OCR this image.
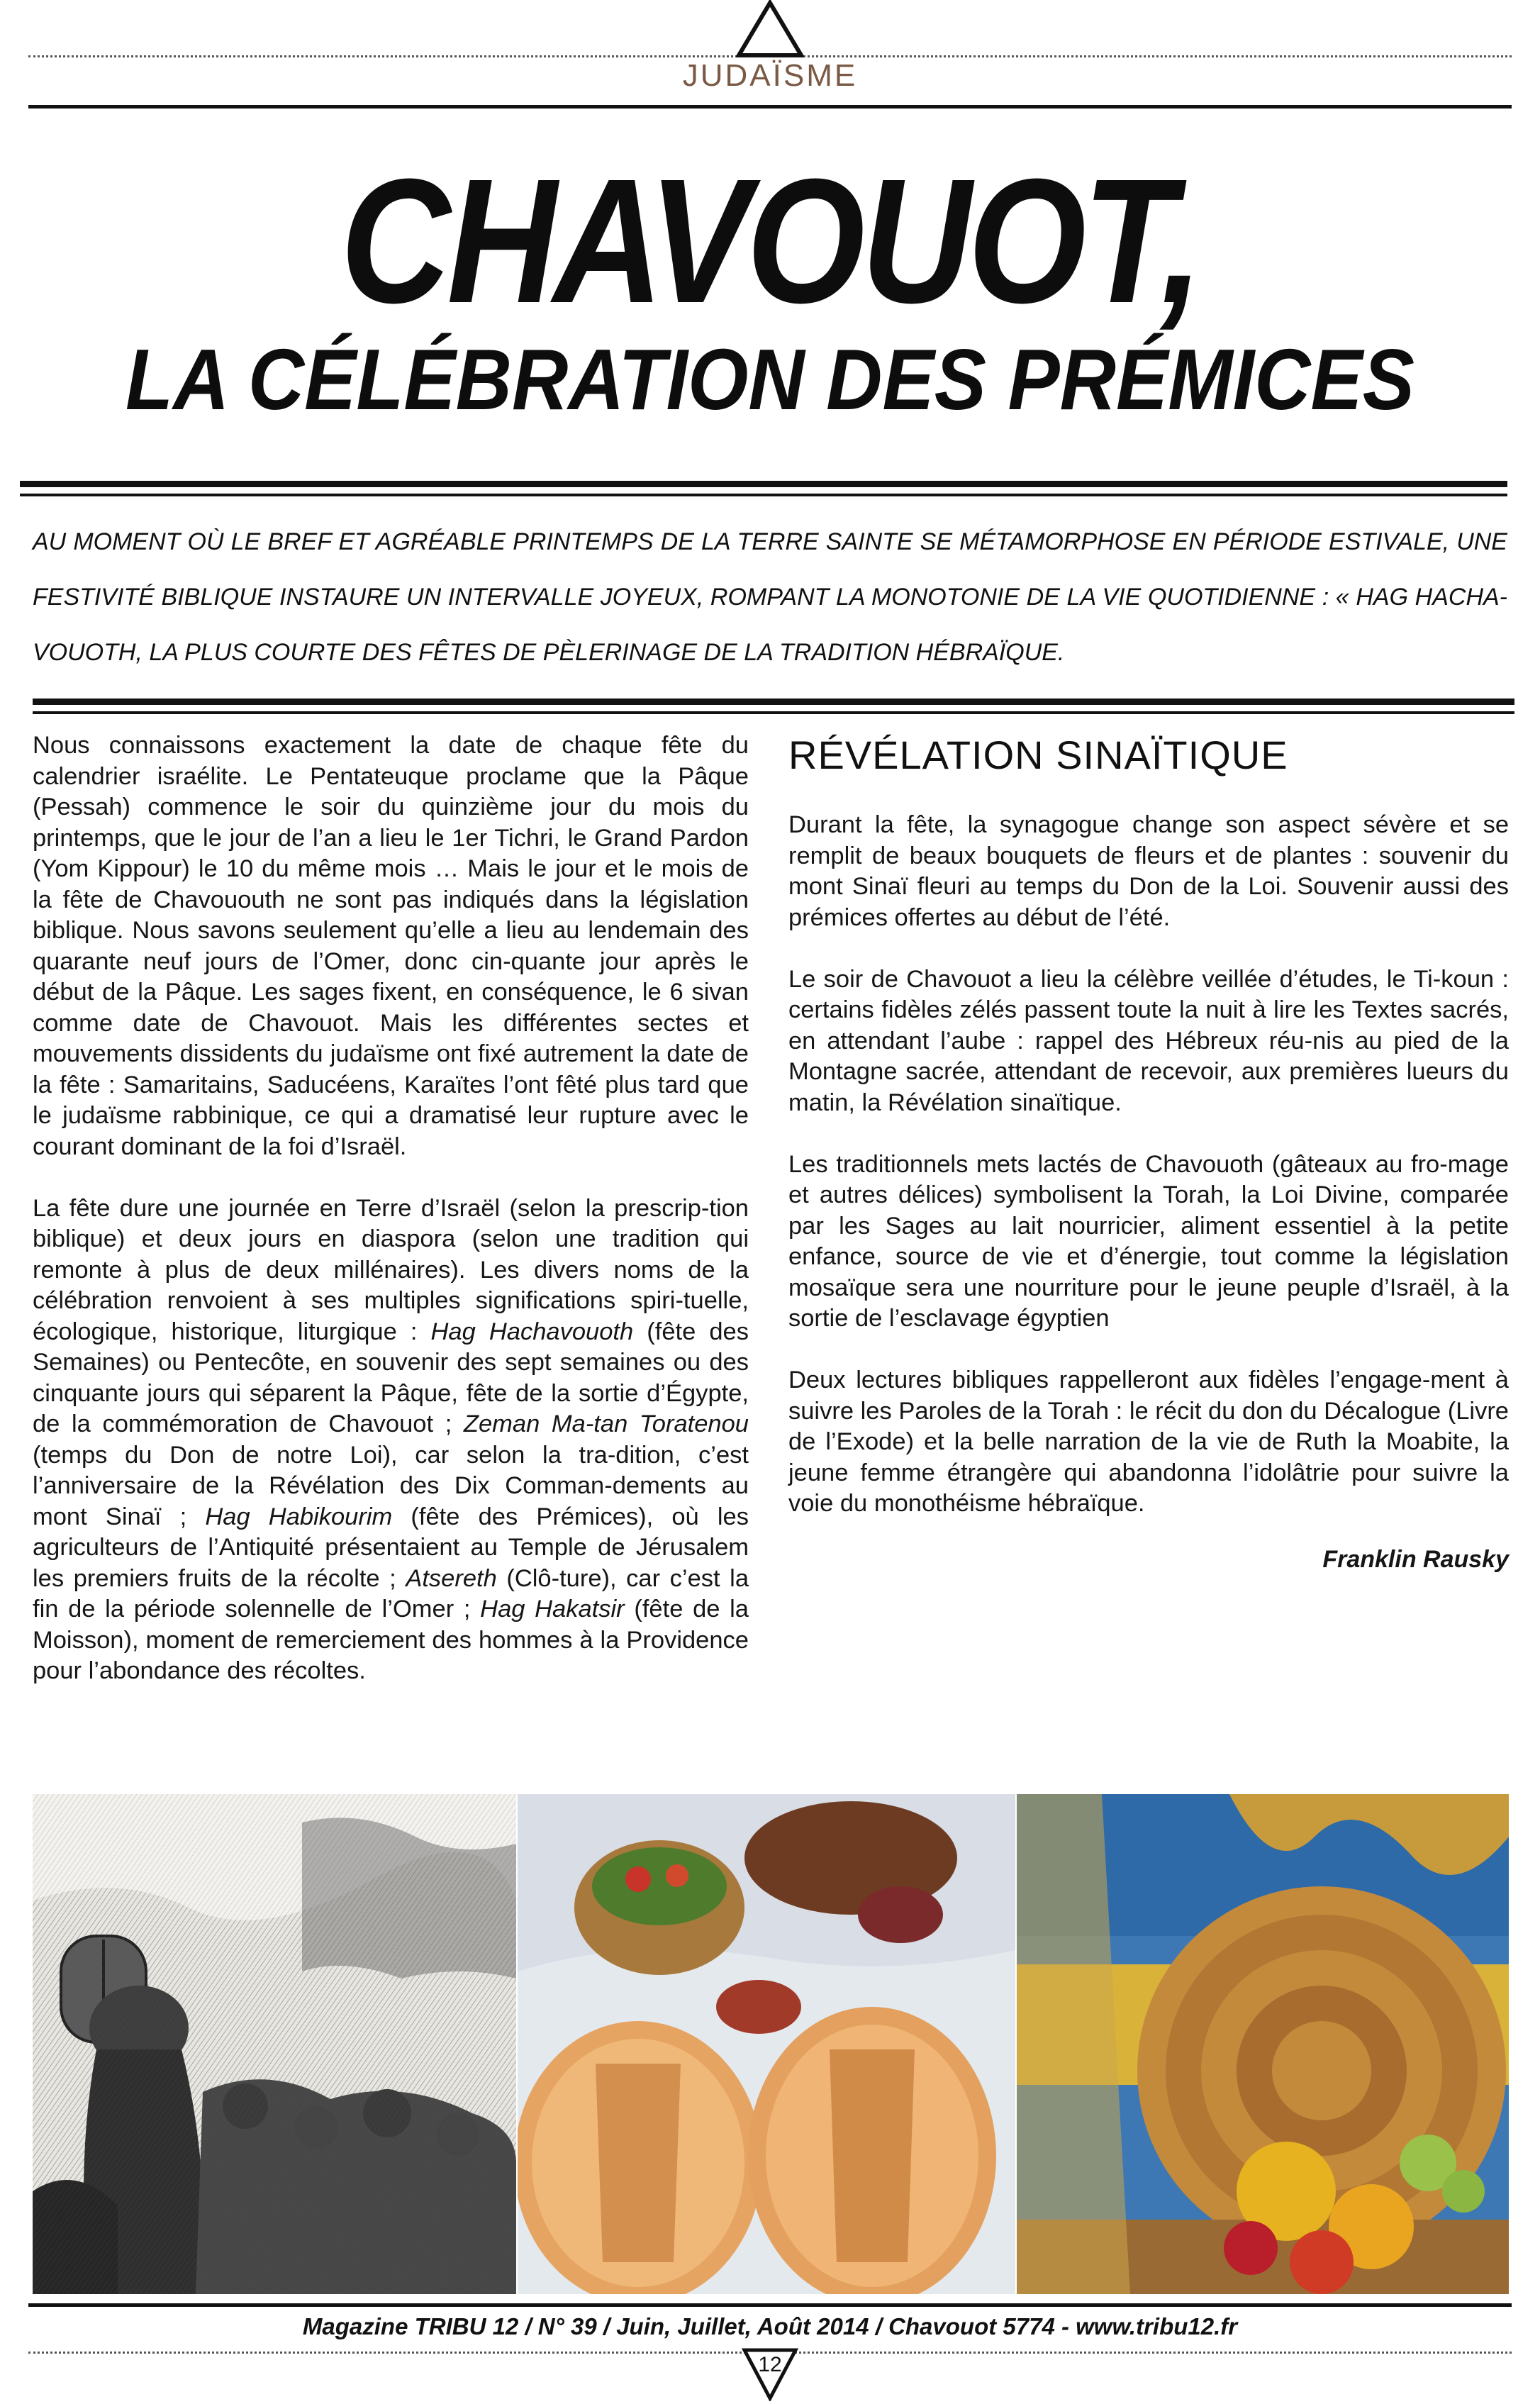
JUDAÏSME
CHAVOUOT,
LA CÉLÉBRATION DES PRÉMICES
AU MOMENT OÙ LE BREF ET AGRÉABLE PRINTEMPS DE LA TERRE SAINTE SE MÉTAMORPHOSE EN PÉRIODE ESTIVALE, UNE FESTIVITÉ BIBLIQUE INSTAURE UN INTERVALLE JOYEUX, ROMPANT LA MONOTONIE DE LA VIE QUOTIDIENNE : « HAG HACHA-VOUOTH, LA PLUS COURTE DES FÊTES DE PÈLERINAGE DE LA TRADITION HÉBRAÏQUE.

Nous connaissons exactement la date de chaque fête du calendrier israélite. Le Pentateuque proclame que la Pâque (Pessah) commence le soir du quinzième jour du mois du printemps, que le jour de l’an a lieu le 1er Tichri, le Grand Pardon (Yom Kippour) le 10 du même mois … Mais le jour et le mois de la fête de Chavououth ne sont pas indiqués dans la législation biblique. Nous savons seulement qu’elle a lieu au lendemain des quarante neuf jours de l’Omer, donc cin-quante jour après le début de la Pâque. Les sages fixent, en conséquence, le 6 sivan comme date de Chavouot. Mais les différentes sectes et mouvements dissidents du judaïsme ont fixé autrement la date de la fête : Samaritains, Saducéens, Karaïtes l’ont fêté plus tard que le judaïsme rabbinique, ce qui a dramatisé leur rupture avec le courant dominant de la foi d’Israël.

La fête dure une journée en Terre d’Israël (selon la prescrip-tion biblique) et deux jours en diaspora (selon une tradition qui remonte à plus de deux millénaires). Les divers noms de la célébration renvoient à ses multiples significations spiri-tuelle, écologique, historique, liturgique : Hag Hachavouoth (fête des Semaines) ou Pentecôte, en souvenir des sept semaines ou des cinquante jours qui séparent la Pâque, fête de la sortie d’Égypte, de la commémoration de Chavouot ; Zeman Ma-tan Toratenou (temps du Don de notre Loi), car selon la tra-dition, c’est l’anniversaire de la Révélation des Dix Comman-dements au mont Sinaï ; Hag Habikourim (fête des Prémices), où les agriculteurs de l’Antiquité présentaient au Temple de Jérusalem les premiers fruits de la récolte ; Atsereth (Clô-ture), car c’est la fin de la période solennelle de l’Omer ; Hag Hakatsir (fête de la Moisson), moment de remerciement des hommes à la Providence pour l’abondance des récoltes.

RÉVÉLATION SINAÏTIQUE

Durant la fête, la synagogue change son aspect sévère et se remplit de beaux bouquets de fleurs et de plantes : souvenir du mont Sinaï fleuri au temps du Don de la Loi. Souvenir aussi des prémices offertes au début de l’été.

Le soir de Chavouot a lieu la célèbre veillée d’études, le Ti-koun : certains fidèles zélés passent toute la nuit à lire les Textes sacrés, en attendant l’aube : rappel des Hébreux réu-nis au pied de la Montagne sacrée, attendant de recevoir, aux premières lueurs du matin, la Révélation sinaïtique.

Les traditionnels mets lactés de Chavouoth (gâteaux au fro-mage et autres délices) symbolisent la Torah, la Loi Divine, comparée par les Sages au lait nourricier, aliment essentiel à la petite enfance, source de vie et d’énergie, tout comme la législation mosaïque sera une nourriture pour le jeune peuple d’Israël, à la sortie de l’esclavage égyptien

Deux lectures bibliques rappelleront aux fidèles l’engage-ment à suivre les Paroles de la Torah : le récit du don du Décalogue (Livre de l’Exode) et la belle narration de la vie de Ruth la Moabite, la jeune femme étrangère qui abandonna l’idolâtrie pour suivre la voie du monothéisme hébraïque.

Franklin Rausky
Magazine TRIBU 12 / N° 39 / Juin, Juillet, Août 2014 / Chavouot 5774 - www.tribu12.fr
12
